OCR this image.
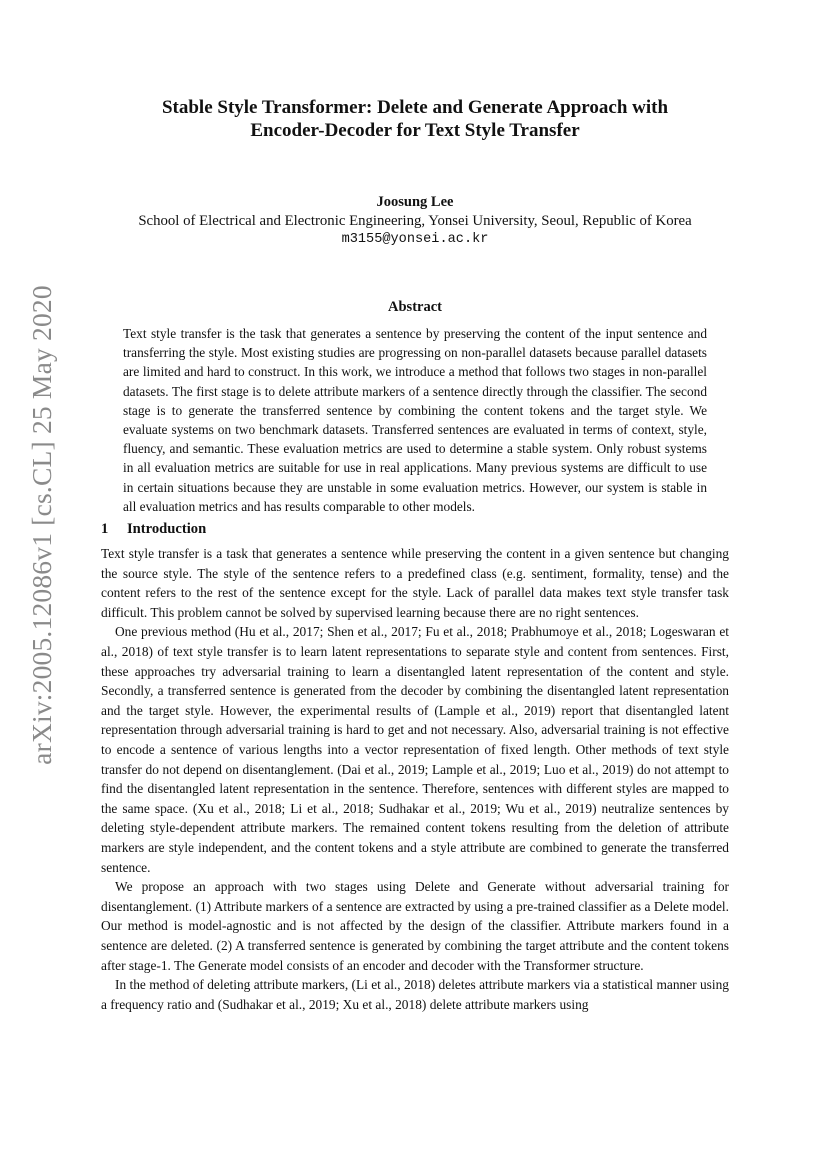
arXiv:2005.12086v1 [cs.CL] 25 May 2020
Stable Style Transformer: Delete and Generate Approach with
Encoder-Decoder for Text Style Transfer
Joosung Lee
School of Electrical and Electronic Engineering, Yonsei University, Seoul, Republic of Korea
m3155@yonsei.ac.kr
Abstract

Text style transfer is the task that generates a sentence by preserving the content of the input sentence and transferring the style. Most existing studies are progressing on non-parallel datasets because parallel datasets are limited and hard to construct. In this work, we introduce a method that follows two stages in non-parallel datasets. The first stage is to delete attribute markers of a sentence directly through the classifier. The second stage is to generate the transferred sentence by combining the content tokens and the target style. We evaluate systems on two benchmark datasets. Transferred sentences are evaluated in terms of context, style, fluency, and semantic. These evaluation metrics are used to determine a stable system. Only robust systems in all evaluation metrics are suitable for use in real applications. Many previous systems are difficult to use in certain situations because they are unstable in some evaluation metrics. However, our system is stable in all evaluation metrics and has results comparable to other models.

1 Introduction

Text style transfer is a task that generates a sentence while preserving the content in a given sentence but changing the source style. The style of the sentence refers to a predefined class (e.g. sentiment, formality, tense) and the content refers to the rest of the sentence except for the style. Lack of parallel data makes text style transfer task difficult. This problem cannot be solved by supervised learning because there are no right sentences.

One previous method (Hu et al., 2017; Shen et al., 2017; Fu et al., 2018; Prabhumoye et al., 2018; Logeswaran et al., 2018) of text style transfer is to learn latent representations to separate style and content from sentences. First, these approaches try adversarial training to learn a disentangled latent representation of the content and style. Secondly, a transferred sentence is generated from the decoder by combining the disentangled latent representation and the target style. However, the experimental results of (Lample et al., 2019) report that disentangled latent representation through adversarial training is hard to get and not necessary. Also, adversarial training is not effective to encode a sentence of various lengths into a vector representation of fixed length. Other methods of text style transfer do not depend on disentanglement. (Dai et al., 2019; Lample et al., 2019; Luo et al., 2019) do not attempt to find the disentangled latent representation in the sentence. Therefore, sentences with different styles are mapped to the same space. (Xu et al., 2018; Li et al., 2018; Sudhakar et al., 2019; Wu et al., 2019) neutralize sentences by deleting style-dependent attribute markers. The remained content tokens resulting from the deletion of attribute markers are style independent, and the content tokens and a style attribute are combined to generate the transferred sentence.

We propose an approach with two stages using Delete and Generate without adversarial training for disentanglement. (1) Attribute markers of a sentence are extracted by using a pre-trained classifier as a Delete model. Our method is model-agnostic and is not affected by the design of the classifier. Attribute markers found in a sentence are deleted. (2) A transferred sentence is generated by combining the target attribute and the content tokens after stage-1. The Generate model consists of an encoder and decoder with the Transformer structure.

In the method of deleting attribute markers, (Li et al., 2018) deletes attribute markers via a statistical manner using a frequency ratio and (Sudhakar et al., 2019; Xu et al., 2018) delete attribute markers using
